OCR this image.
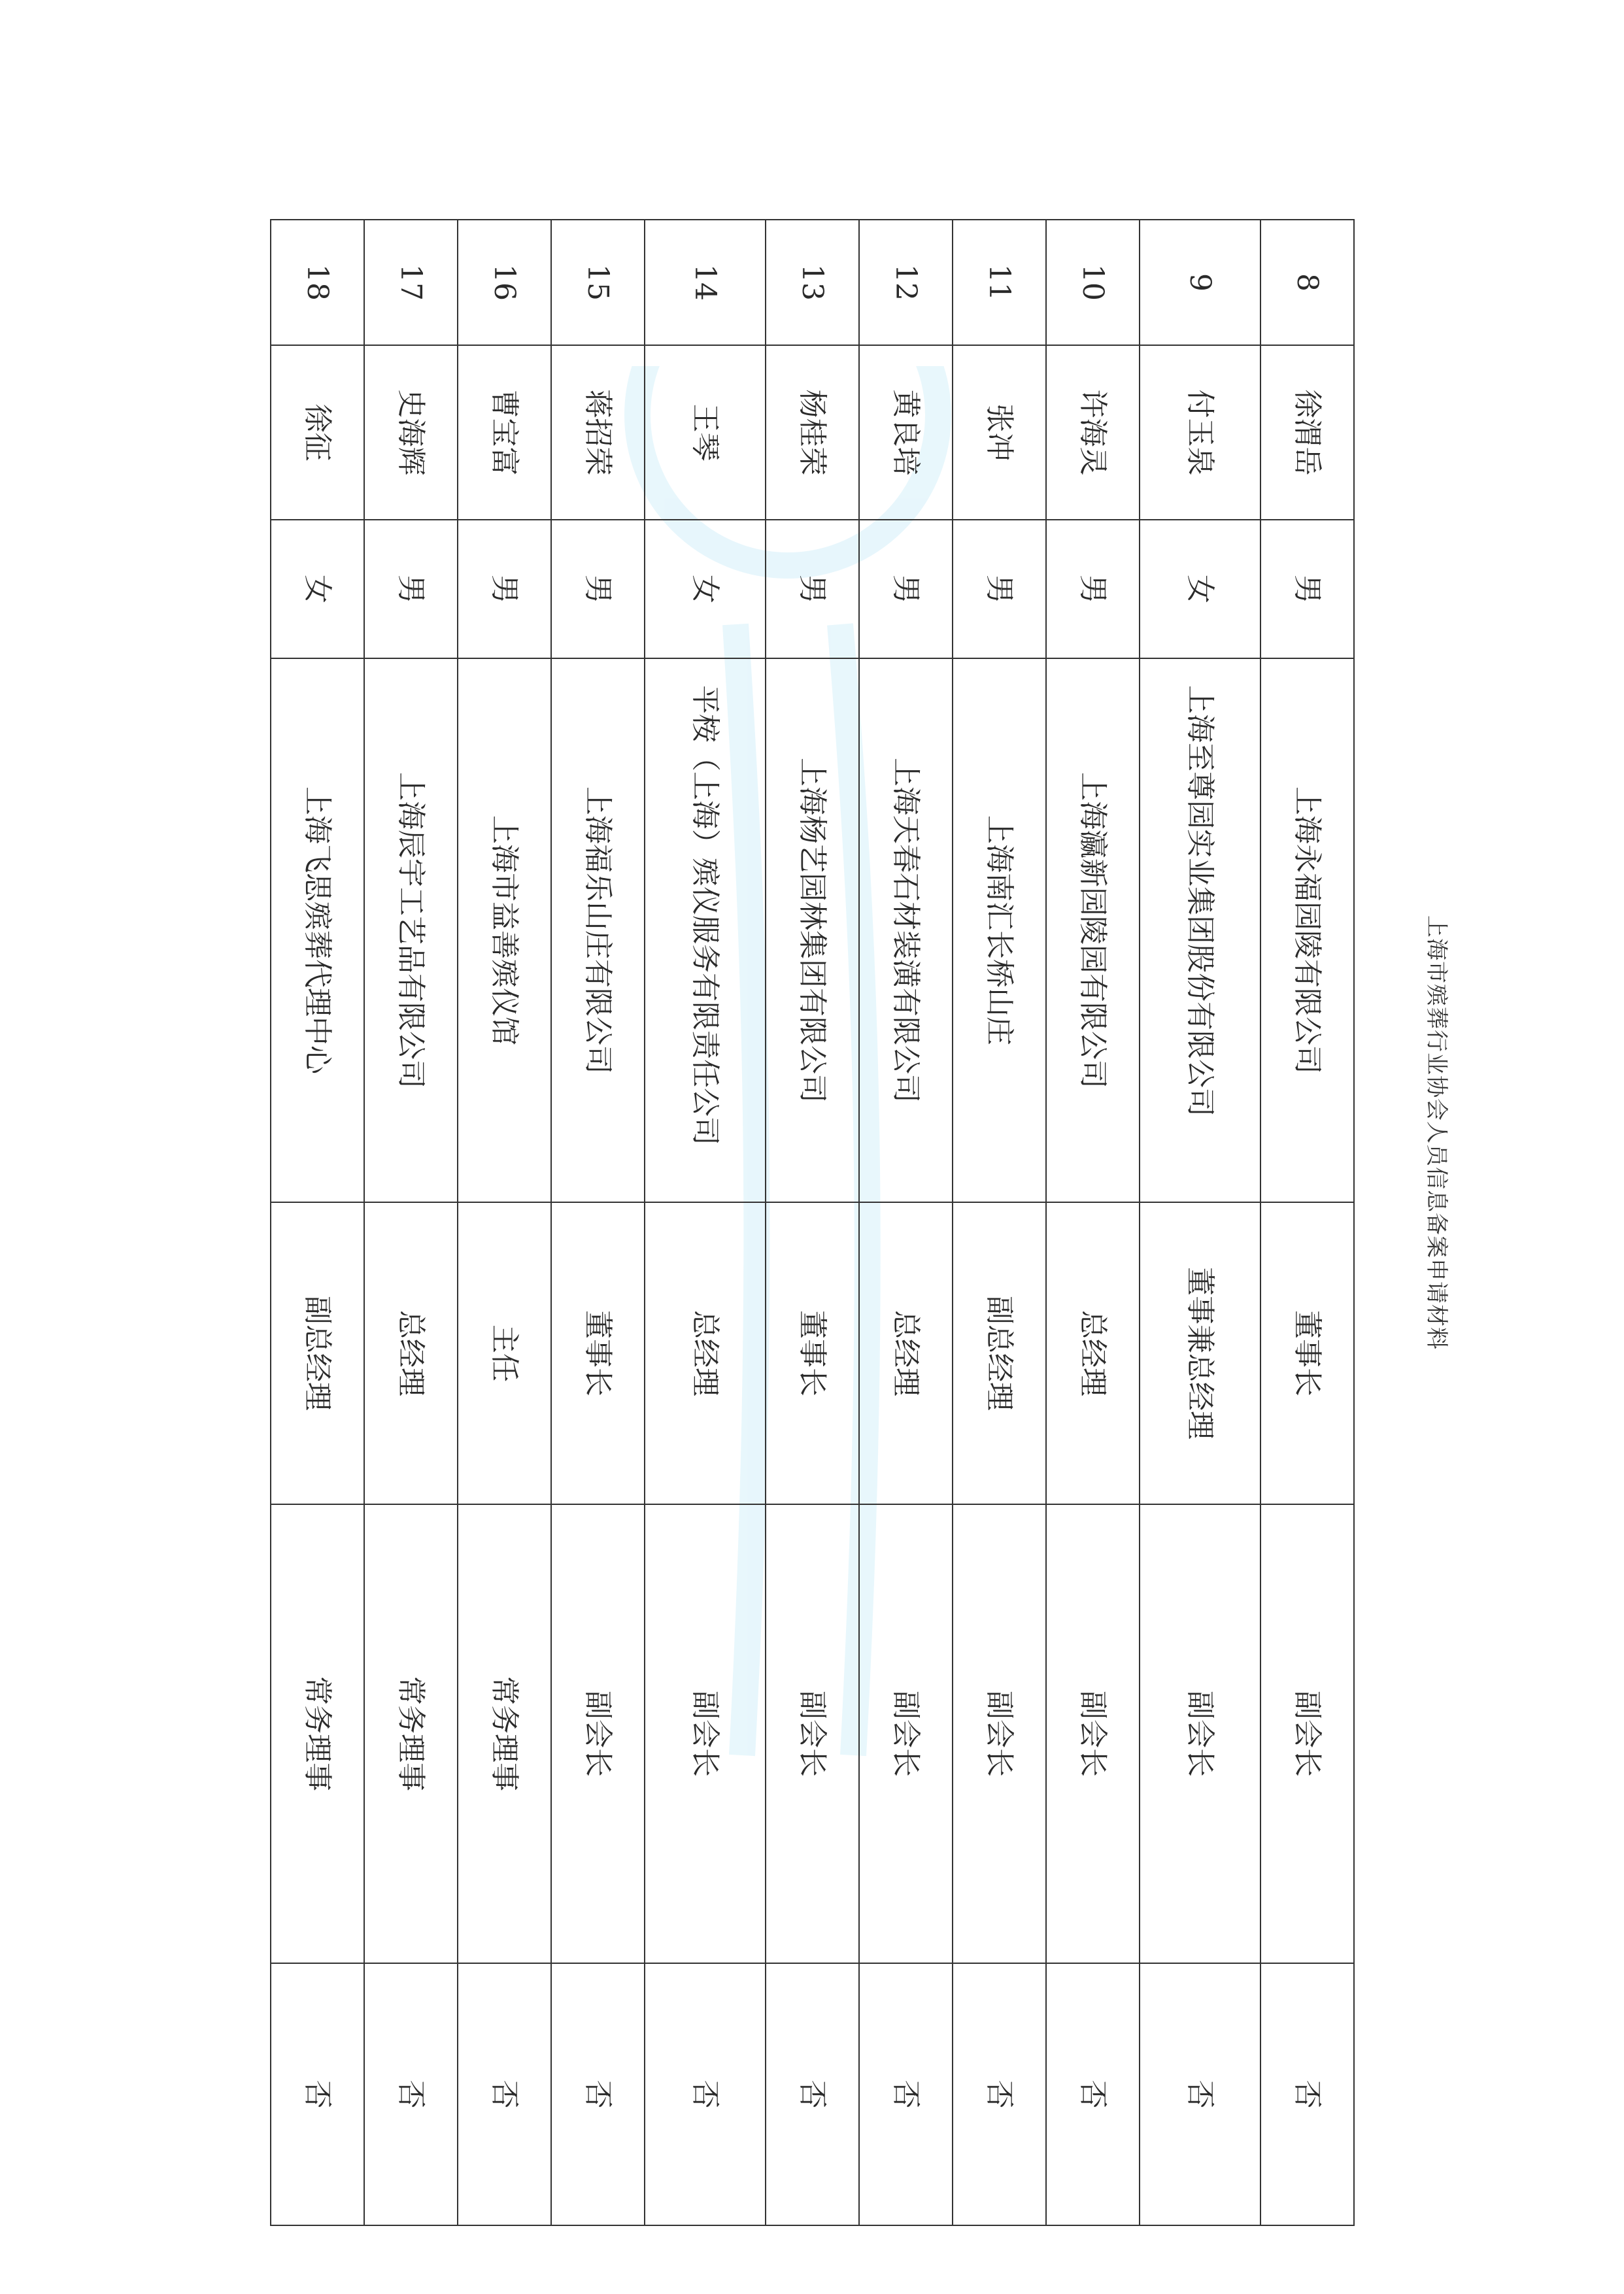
上海市殡葬行业协会人员信息备案申请材料
8	徐渭岳	男	上海永福园陵有限公司	董事长	副会长	否
9	付玉泉	女	上海至尊园实业集团股份有限公司	董事兼总经理	副会长	否
10	许海灵	男	上海瀛新园陵园有限公司	总经理	副会长	否
11	张冲	男	上海南汇长桥山庄	副总经理	副会长	否
12	黄良培	男	上海天春石材装潢有限公司	总经理	副会长	否
13	杨桂荣	男	上海杨艺园林集团有限公司	董事长	副会长	否
14	王琴	女	平桉（上海）殡仪服务有限责任公司	总经理	副会长	否
15	蒋招荣	男	上海福乐山庄有限公司	董事长	副会长	否
16	曹宝富	男	上海市益善殡仪馆	主任	常务理事	否
17	史海辉	男	上海辰宇工艺品有限公司	总经理	常务理事	否
18	徐征	女	上海飞思殡葬代理中心	副总经理	常务理事	否
